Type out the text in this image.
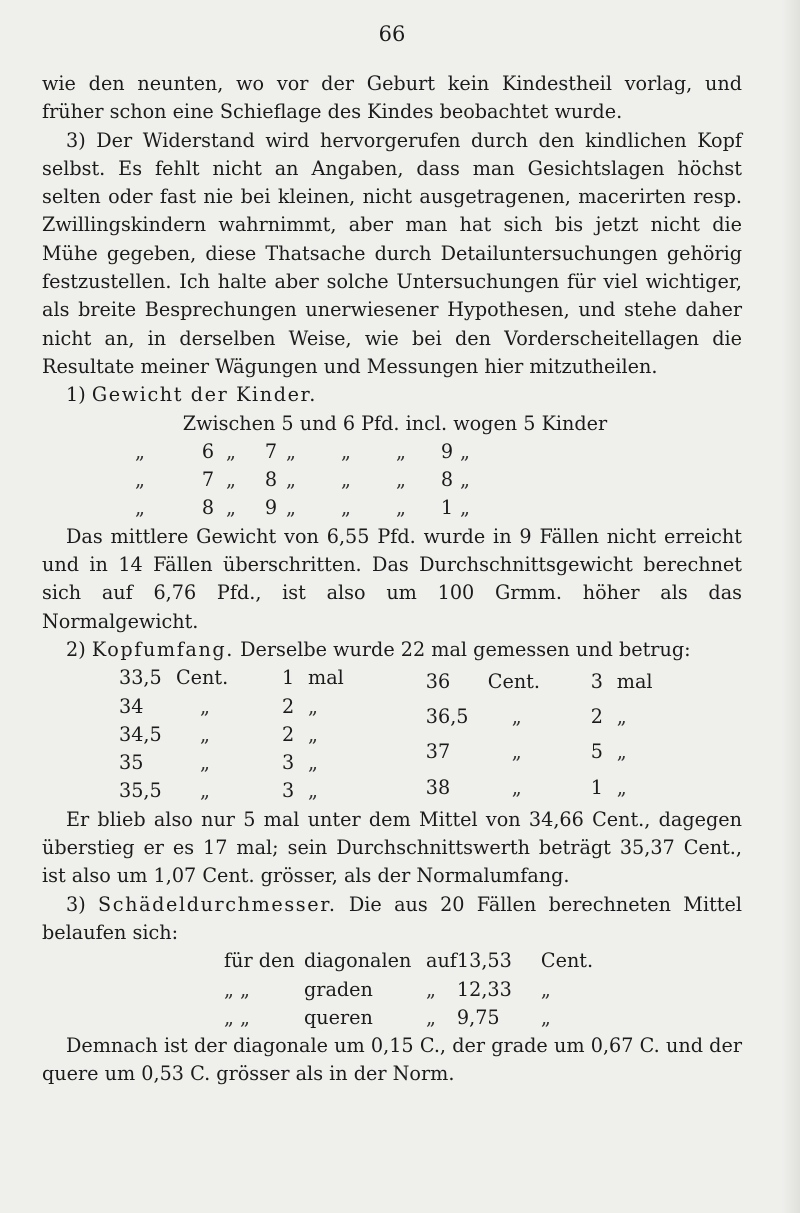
66

wie den neunten, wo vor der Geburt kein Kindestheil vorlag, und früher schon eine Schieflage des Kindes beobachtet wurde.

3) Der Widerstand wird hervorgerufen durch den kindlichen Kopf selbst. Es fehlt nicht an Angaben, dass man Gesichtslagen höchst selten oder fast nie bei kleinen, nicht ausgetragenen, macerirten resp. Zwillingskindern wahrnimmt, aber man hat sich bis jetzt nicht die Mühe gegeben, diese Thatsache durch Detailuntersuchungen gehörig festzustellen. Ich halte aber solche Untersuchungen für viel wichtiger, als breite Besprechungen unerwiesener Hypothesen, und stehe daher nicht an, in derselben Weise, wie bei den Vorderscheitellagen die Resultate meiner Wägungen und Messungen hier mitzutheilen.

1) Gewicht der Kinder.

Zwischen 5 und 6 Pfd. incl. wogen 5 Kinder
„	6	„	7	„	„	„	9	„
„	7	„	8	„	„	„	8	„
„	8	„	9	„	„	„	1	„

Das mittlere Gewicht von 6,55 Pfd. wurde in 9 Fällen nicht erreicht und in 14 Fällen überschritten. Das Durchschnittsgewicht berechnet sich auf 6,76 Pfd., ist also um 100 Grmm. höher als das Normalgewicht.

2) Kopfumfang. Derselbe wurde 22 mal gemessen und betrug:

33,5	Cent.	1	mal
34	„	2	„
34,5	„	2	„
35	„	3	„
35,5	„	3	„
36	Cent.	3	mal
36,5	„	2	„
37	„	5	„
38	„	1	„

Er blieb also nur 5 mal unter dem Mittel von 34,66 Cent., dagegen überstieg er es 17 mal; sein Durchschnittswerth beträgt 35,37 Cent., ist also um 1,07 Cent. grösser, als der Normalumfang.

3) Schädeldurchmesser. Die aus 20 Fällen berechneten Mittel belaufen sich:

für den	diagonalen	auf	13,53	Cent.
„ „	graden	„	12,33	„
„ „	queren	„	9,75	„

Demnach ist der diagonale um 0,15 C., der grade um 0,67 C. und der quere um 0,53 C. grösser als in der Norm.
